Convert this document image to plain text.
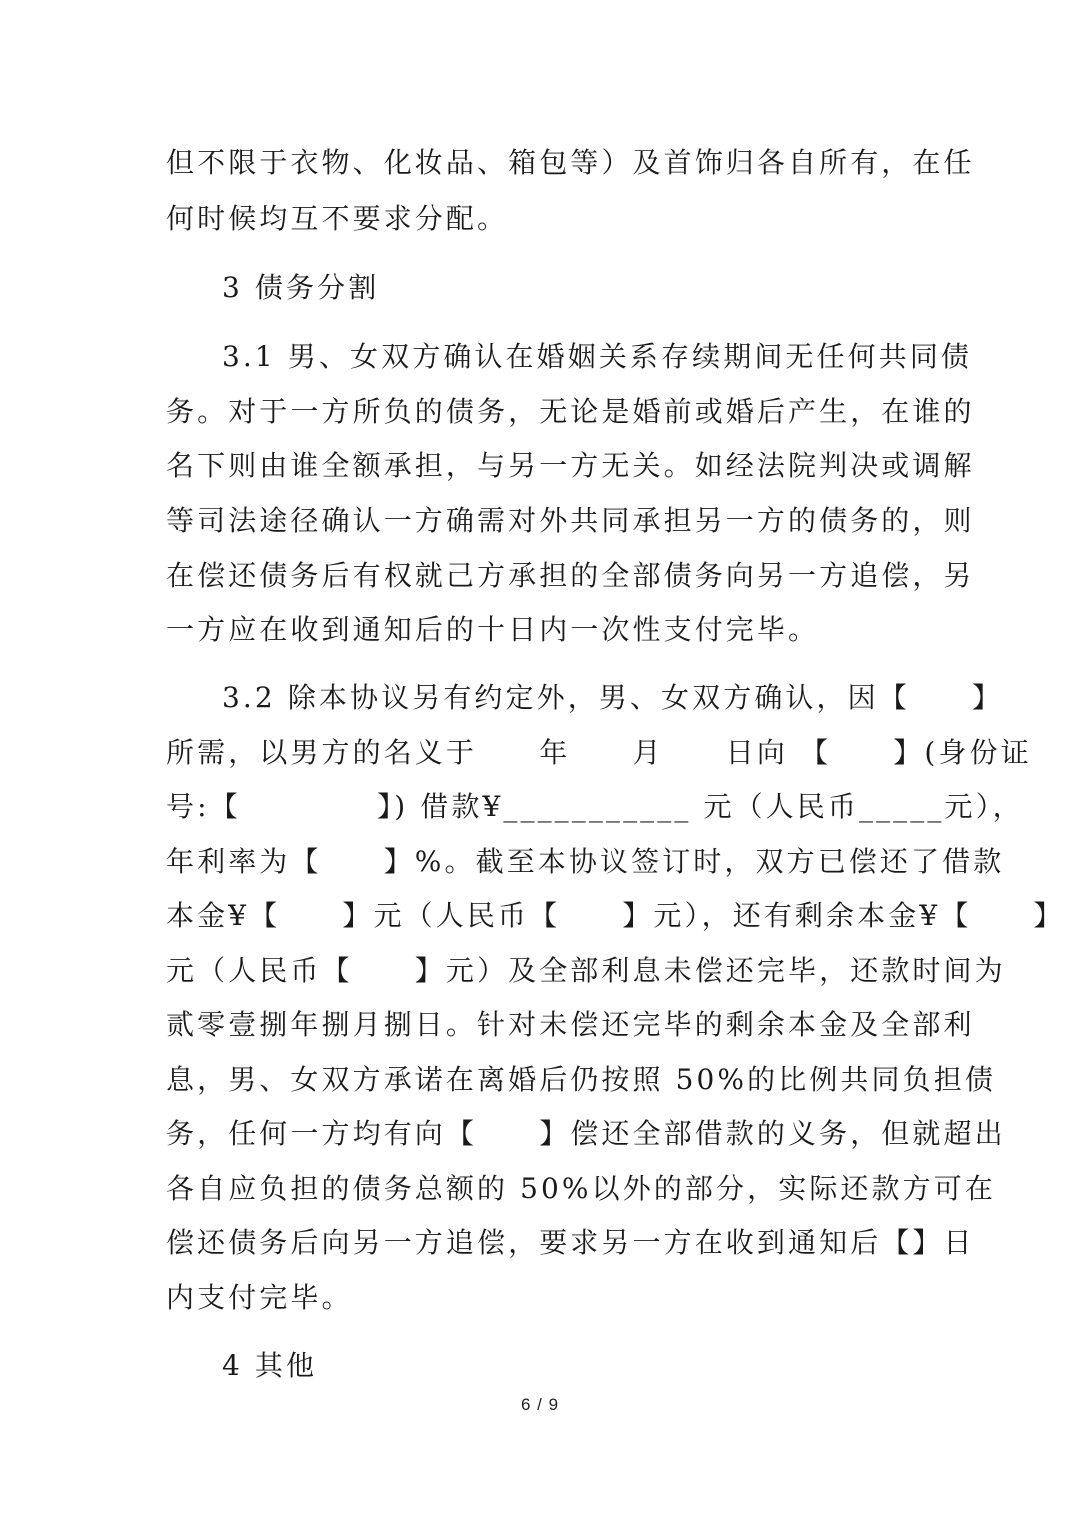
但不限于衣物、化妆品、箱包等）及首饰归各自所有，在任
何时候均互不要求分配。
3 债务分割
3.1 男、女双方确认在婚姻关系存续期间无任何共同债
务。对于一方所负的债务，无论是婚前或婚后产生，在谁的
名下则由谁全额承担，与另一方无关。如经法院判决或调解
等司法途径确认一方确需对外共同承担另一方的债务的，则
在偿还债务后有权就己方承担的全部债务向另一方追偿，另
一方应在收到通知后的十日内一次性支付完毕。
3.2 除本协议另有约定外，男、女双方确认，因【　　】
所需，以男方的名义于　　年　　月　　日向 【　　】(身份证
号:【　　　　 】) 借款¥___________ 元（人民币_____元），
年利率为【　　】%。截至本协议签订时，双方已偿还了借款
本金¥【　　】元（人民币【　　】元），还有剩余本金¥【　　】
元（人民币【　　】元）及全部利息未偿还完毕，还款时间为
贰零壹捌年捌月捌日。针对未偿还完毕的剩余本金及全部利
息，男、女双方承诺在离婚后仍按照 50%的比例共同负担债
务，任何一方均有向【　　】偿还全部借款的义务，但就超出
各自应负担的债务总额的 50%以外的部分，实际还款方可在
偿还债务后向另一方追偿，要求另一方在收到通知后【】日
内支付完毕。
4 其他
6 / 9
